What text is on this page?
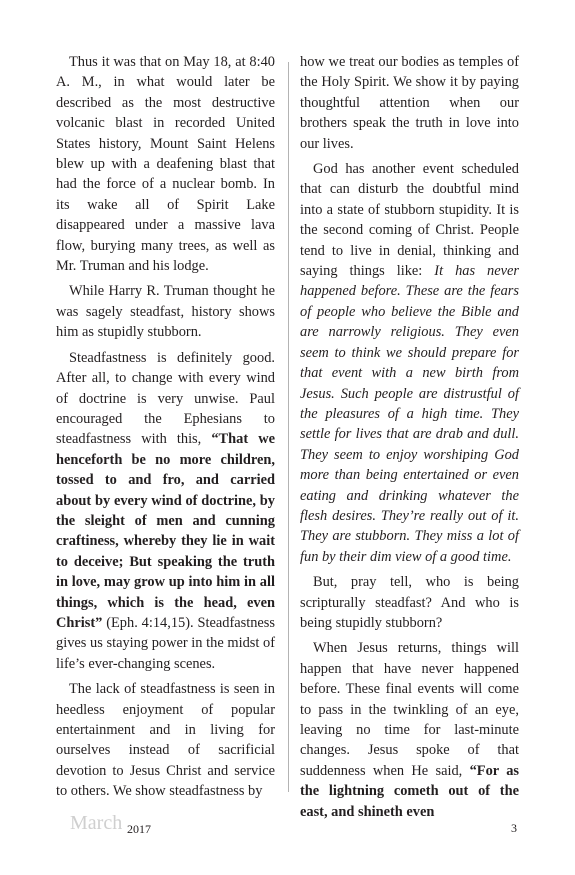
Thus it was that on May 18, at 8:40 A. M., in what would later be described as the most destructive volcanic blast in recorded United States history, Mount Saint Helens blew up with a deafening blast that had the force of a nuclear bomb. In its wake all of Spirit Lake disappeared under a massive lava flow, burying many trees, as well as Mr. Truman and his lodge.

While Harry R. Truman thought he was sagely steadfast, history shows him as stupidly stubborn.

Steadfastness is definitely good. After all, to change with every wind of doctrine is very unwise. Paul encouraged the Ephesians to steadfastness with this, “That we henceforth be no more children, tossed to and fro, and carried about by every wind of doctrine, by the sleight of men and cunning craftiness, whereby they lie in wait to deceive; But speaking the truth in love, may grow up into him in all things, which is the head, even Christ” (Eph. 4:14,15). Steadfastness gives us staying power in the midst of life’s ever-changing scenes.

The lack of steadfastness is seen in heedless enjoyment of popular entertainment and in living for ourselves instead of sacrificial devotion to Jesus Christ and service to others. We show steadfastness by

how we treat our bodies as temples of the Holy Spirit. We show it by paying thoughtful attention when our brothers speak the truth in love into our lives.

God has another event scheduled that can disturb the doubtful mind into a state of stubborn stupidity. It is the second coming of Christ. People tend to live in denial, thinking and saying things like: It has never happened before. These are the fears of people who believe the Bible and are narrowly religious. They even seem to think we should prepare for that event with a new birth from Jesus. Such people are distrustful of the pleasures of a high time. They settle for lives that are drab and dull. They seem to enjoy worshiping God more than being entertained or even eating and drinking whatever the flesh desires. They’re really out of it. They are stubborn. They miss a lot of fun by their dim view of a good time.

But, pray tell, who is being scripturally steadfast? And who is being stupidly stubborn?

When Jesus returns, things will happen that have never happened before. These final events will come to pass in the twinkling of an eye, leaving no time for last-minute changes. Jesus spoke of that suddenness when He said, “For as the lightning cometh out of the east, and shineth even

March 2017	3
